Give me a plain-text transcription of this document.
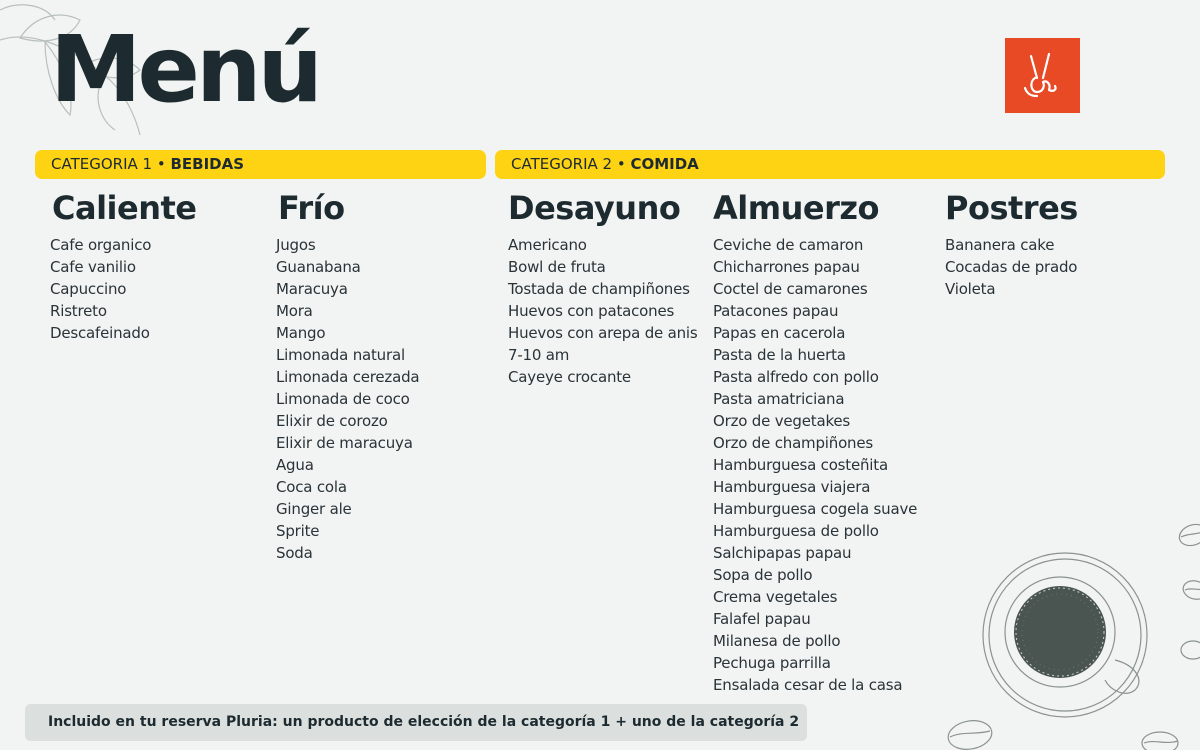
Menú
CATEGORIA 1 • BEBIDAS	CATEGORIA 2 • COMIDA
Caliente
Cafe organico
Cafe vanilio
Capuccino
Ristreto
Descafeinado
Frío
Jugos
Guanabana
Maracuya
Mora
Mango
Limonada natural
Limonada cerezada
Limonada de coco
Elixir de corozo
Elixir de maracuya
Agua
Coca cola
Ginger ale
Sprite
Soda
Desayuno
Americano
Bowl de fruta
Tostada de champiñones
Huevos con patacones
Huevos con arepa de anis
7-10 am
Cayeye crocante
Almuerzo
Ceviche de camaron
Chicharrones papau
Coctel de camarones
Patacones papau
Papas en cacerola
Pasta de la huerta
Pasta alfredo con pollo
Pasta amatriciana
Orzo de vegetakes
Orzo de champiñones
Hamburguesa costeñita
Hamburguesa viajera
Hamburguesa cogela suave
Hamburguesa de pollo
Salchipapas papau
Sopa de pollo
Crema vegetales
Falafel papau
Milanesa de pollo
Pechuga parrilla
Ensalada cesar de la casa
Postres
Bananera cake
Cocadas de prado
Violeta
Incluido en tu reserva Pluria: un producto de elección de la categoría 1 + uno de la categoría 2
